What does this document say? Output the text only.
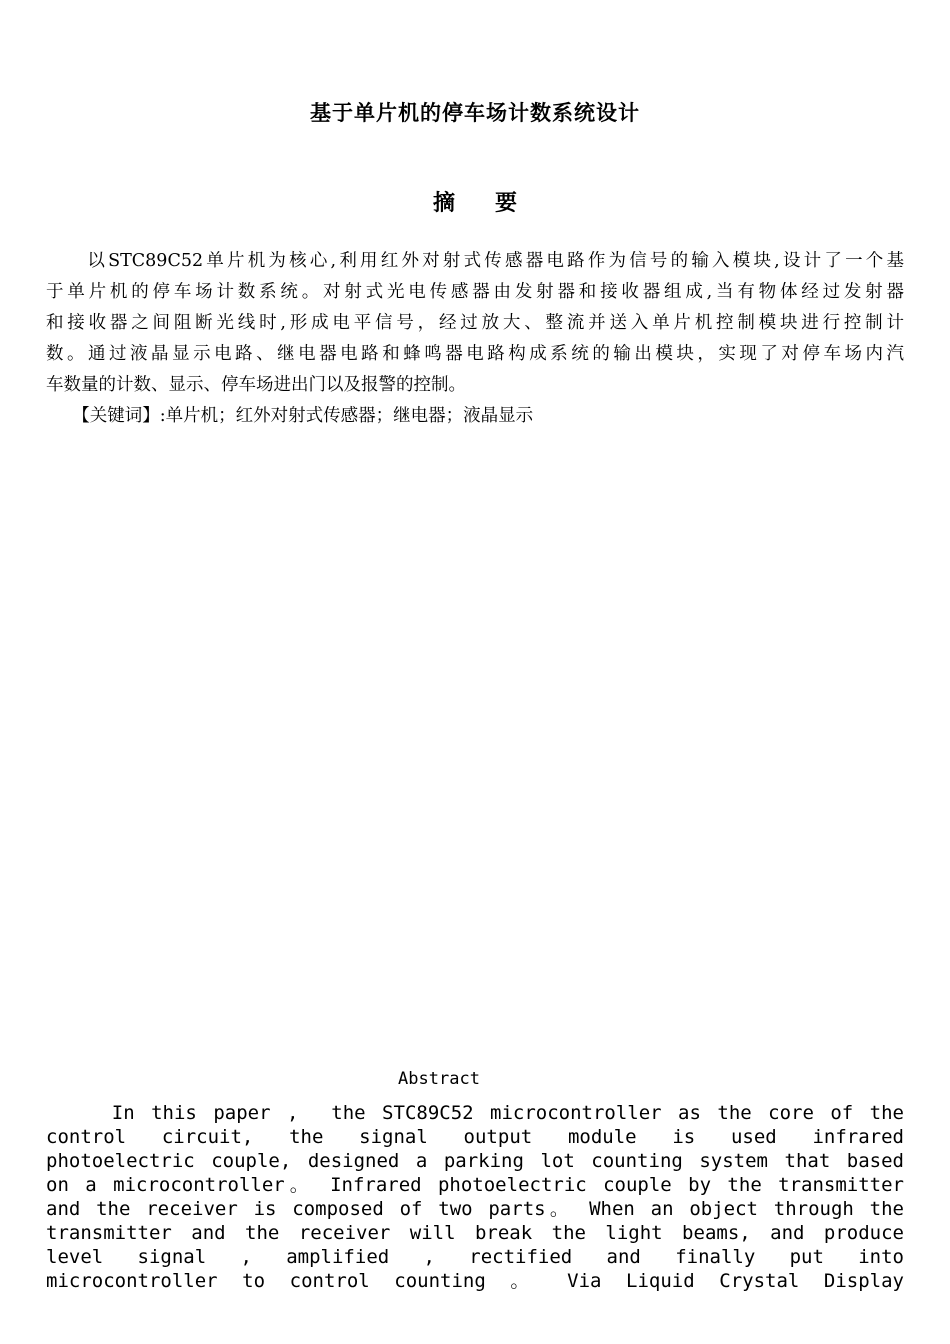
基于单片机的停车场计数系统设计
摘 要
　　以STC89C52单片机为核心,利用红外对射式传感器电路作为信号的输入模块,设计了一个基
于单片机的停车场计数系统。对射式光电传感器由发射器和接收器组成,当有物体经过发射器
和接收器之间阻断光线时,形成电平信号，经过放大、整流并送入单片机控制模块进行控制计
数。通过液晶显示电路、继电器电路和蜂鸣器电路构成系统的输出模块，实现了对停车场内汽
车数量的计数、显示、停车场进出门以及报警的控制。
　　【关键词】:单片机；红外对射式传感器；继电器；液晶显示
Abstract
In this paper ,  the STC89C52 microcontroller as the core of the
control circuit, the signal output module is used infrared
photoelectric couple, designed a parking lot counting system that based
on a microcontroller。 Infrared photoelectric couple by the transmitter
and the receiver is composed of two parts。 When an object through the
transmitter and the receiver will break the light beams, and produce
level signal , amplified , rectified and finally put into
microcontroller to control counting 。 Via Liquid Crystal Display
